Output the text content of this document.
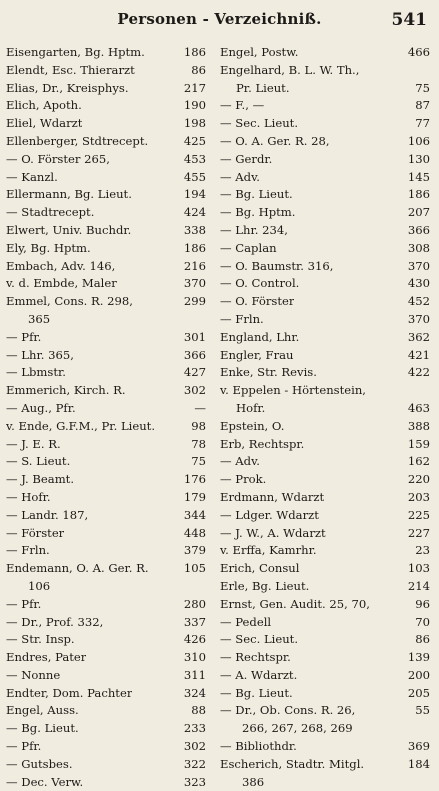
Personen - Verzeichniß.	541
Eisengarten, Bg. Hptm.	186
Elendt, Esc. Thierarzt	86
Elias, Dr., Kreisphys.	217
Elich, Apoth.	190
Eliel, Wdarzt	198
Ellenberger, Stdtrecept.	425
— O. Förster 265,	453
— Kanzl.	455
Ellermann, Bg. Lieut.	194
— Stadtrecept.	424
Elwert, Univ. Buchdr.	338
Ely, Bg. Hptm.	186
Embach, Adv. 146,	216
v. d. Embde, Maler	370
Emmel, Cons. R. 298,	299
365
— Pfr.	301
— Lhr. 365,	366
— Lbmstr.	427
Emmerich, Kirch. R.	302
— Aug., Pfr.	—
v. Ende, G.F.M., Pr. Lieut.	98
— J. E. R.	78
— S. Lieut.	75
— J. Beamt.	176
— Hofr.	179
— Landr. 187,	344
— Förster	448
— Frln.	379
Endemann, O. A. Ger. R.	105
106
— Pfr.	280
— Dr., Prof. 332,	337
— Str. Insp.	426
Endres, Pater	310
— Nonne	311
Endter, Dom. Pachter	324
Engel, Auss.	88
— Bg. Lieut.	233
— Pfr.	302
— Gutsbes.	322
— Dec. Verw.	323
Engel, Postw.	466
Engelhard, B. L. W. Th.,
Pr. Lieut.	75
— F., —	87
— Sec. Lieut.	77
— O. A. Ger. R. 28,	106
— Gerdr.	130
— Adv.	145
— Bg. Lieut.	186
— Bg. Hptm.	207
— Lhr. 234,	366
— Caplan	308
— O. Baumstr. 316,	370
— O. Control.	430
— O. Förster	452
— Frln.	370
England, Lhr.	362
Engler, Frau	421
Enke, Str. Revis.	422
v. Eppelen - Hörtenstein,
Hofr.	463
Epstein, O.	388
Erb, Rechtspr.	159
— Adv.	162
— Prok.	220
Erdmann, Wdarzt	203
— Ldger. Wdarzt	225
— J. W., A. Wdarzt	227
v. Erffa, Kamrhr.	23
Erich, Consul	103
Erle, Bg. Lieut.	214
Ernst, Gen. Audit. 25, 70,	96
— Pedell	70
— Sec. Lieut.	86
— Rechtspr.	139
— A. Wdarzt.	200
— Bg. Lieut.	205
— Dr., Ob. Cons. R. 26,	55
266, 267, 268, 269
— Bibliothdr.	369
Escherich, Stadtr. Mitgl.	184
386
